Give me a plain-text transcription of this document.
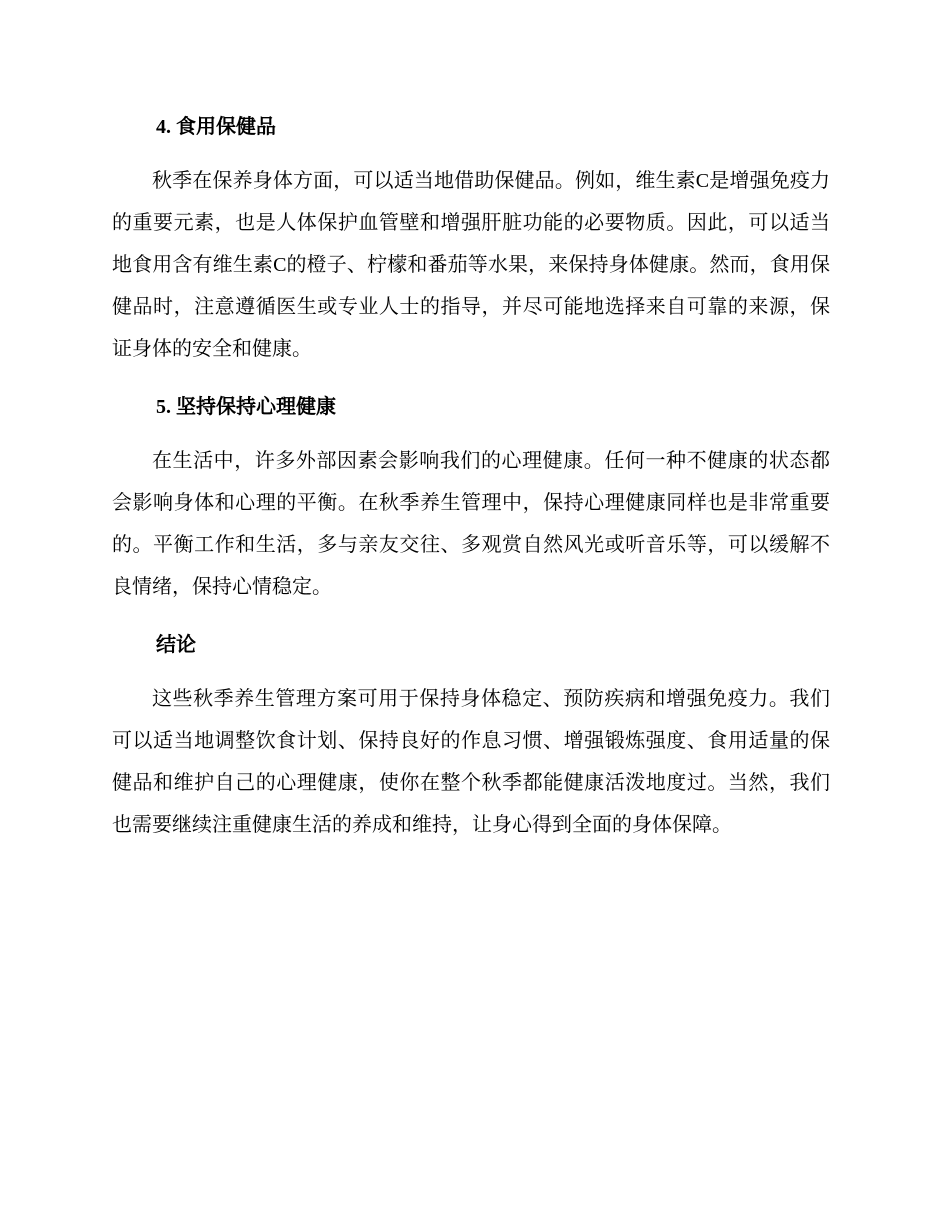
4. 食用保健品

秋季在保养身体方面，可以适当地借助保健品。例如，维生素C是增强免疫力的重要元素，也是人体保护血管壁和增强肝脏功能的必要物质。因此，可以适当地食用含有维生素C的橙子、柠檬和番茄等水果，来保持身体健康。然而，食用保健品时，注意遵循医生或专业人士的指导，并尽可能地选择来自可靠的来源，保证身体的安全和健康。

5. 坚持保持心理健康

在生活中，许多外部因素会影响我们的心理健康。任何一种不健康的状态都会影响身体和心理的平衡。在秋季养生管理中，保持心理健康同样也是非常重要的。平衡工作和生活，多与亲友交往、多观赏自然风光或听音乐等，可以缓解不良情绪，保持心情稳定。

结论

这些秋季养生管理方案可用于保持身体稳定、预防疾病和增强免疫力。我们可以适当地调整饮食计划、保持良好的作息习惯、增强锻炼强度、食用适量的保健品和维护自己的心理健康，使你在整个秋季都能健康活泼地度过。当然，我们也需要继续注重健康生活的养成和维持，让身心得到全面的身体保障。
